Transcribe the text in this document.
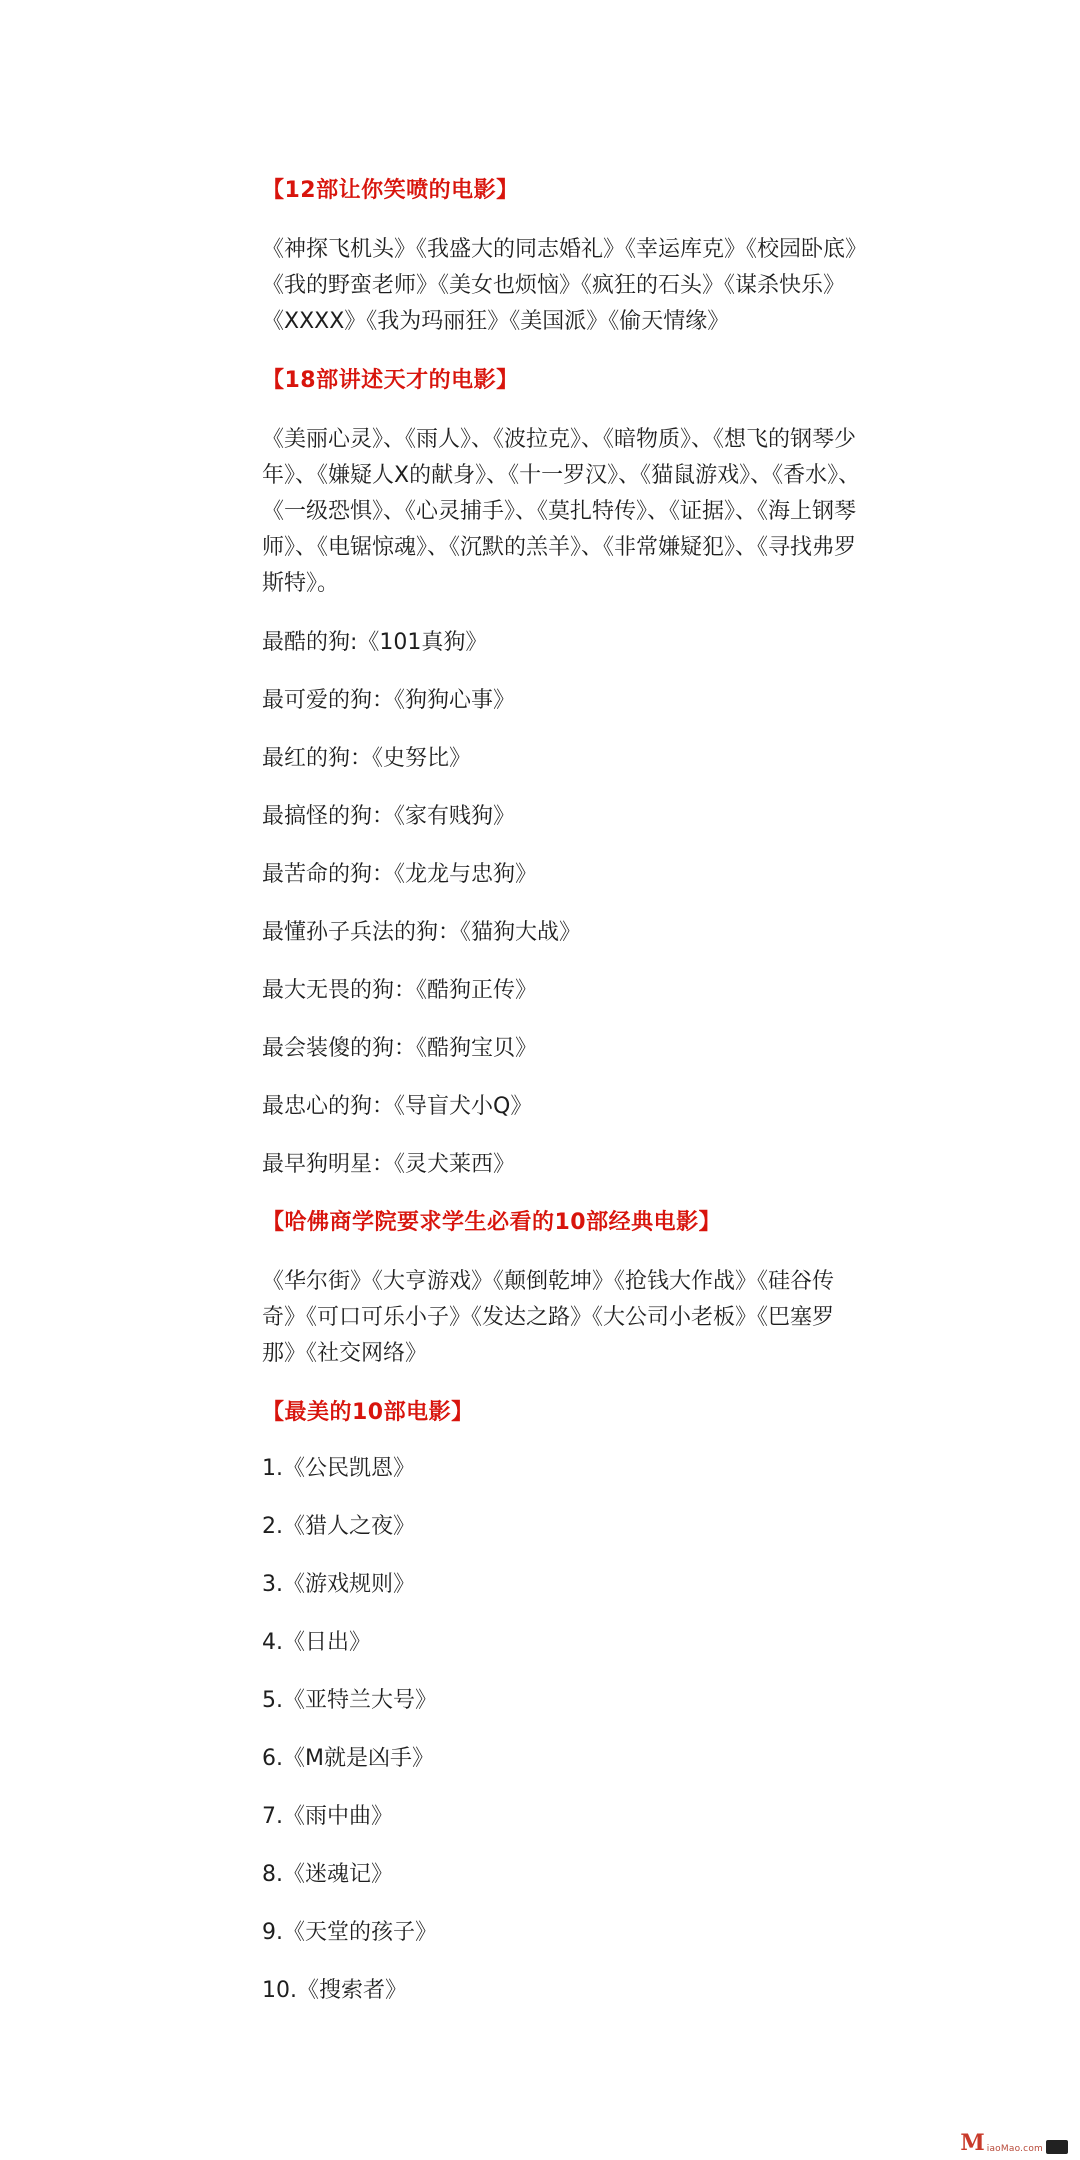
【12部让你笑喷的电影】
《神探飞机头》《我盛大的同志婚礼》《幸运库克》《校园卧底》《我的野蛮老师》《美女也烦恼》《疯狂的石头》《谋杀快乐》《XXXX》《我为玛丽狂》《美国派》《偷天情缘》
【18部讲述天才的电影】
《美丽心灵》、《雨人》、《波拉克》、《暗物质》、《想飞的钢琴少年》、《嫌疑人X的献身》、《十一罗汉》、《猫鼠游戏》、《香水》、《一级恐惧》、《心灵捕手》、《莫扎特传》、《证据》、《海上钢琴师》、《电锯惊魂》、《沉默的羔羊》、《非常嫌疑犯》、《寻找弗罗斯特》。
最酷的狗:《101真狗》
最可爱的狗：《狗狗心事》
最红的狗：《史努比》
最搞怪的狗：《家有贱狗》
最苦命的狗：《龙龙与忠狗》
最懂孙子兵法的狗：《猫狗大战》
最大无畏的狗：《酷狗正传》
最会装傻的狗：《酷狗宝贝》
最忠心的狗：《导盲犬小Q》
最早狗明星：《灵犬莱西》
【哈佛商学院要求学生必看的10部经典电影】
《华尔街》《大亨游戏》《颠倒乾坤》《抢钱大作战》《硅谷传奇》《可口可乐小子》《发达之路》《大公司小老板》《巴塞罗那》《社交网络》
【最美的10部电影】
1.《公民凯恩》
2.《猎人之夜》
3.《游戏规则》
4.《日出》
5.《亚特兰大号》
6.《M就是凶手》
7.《雨中曲》
8.《迷魂记》
9.《天堂的孩子》
10.《搜索者》
M iaoMao.com
